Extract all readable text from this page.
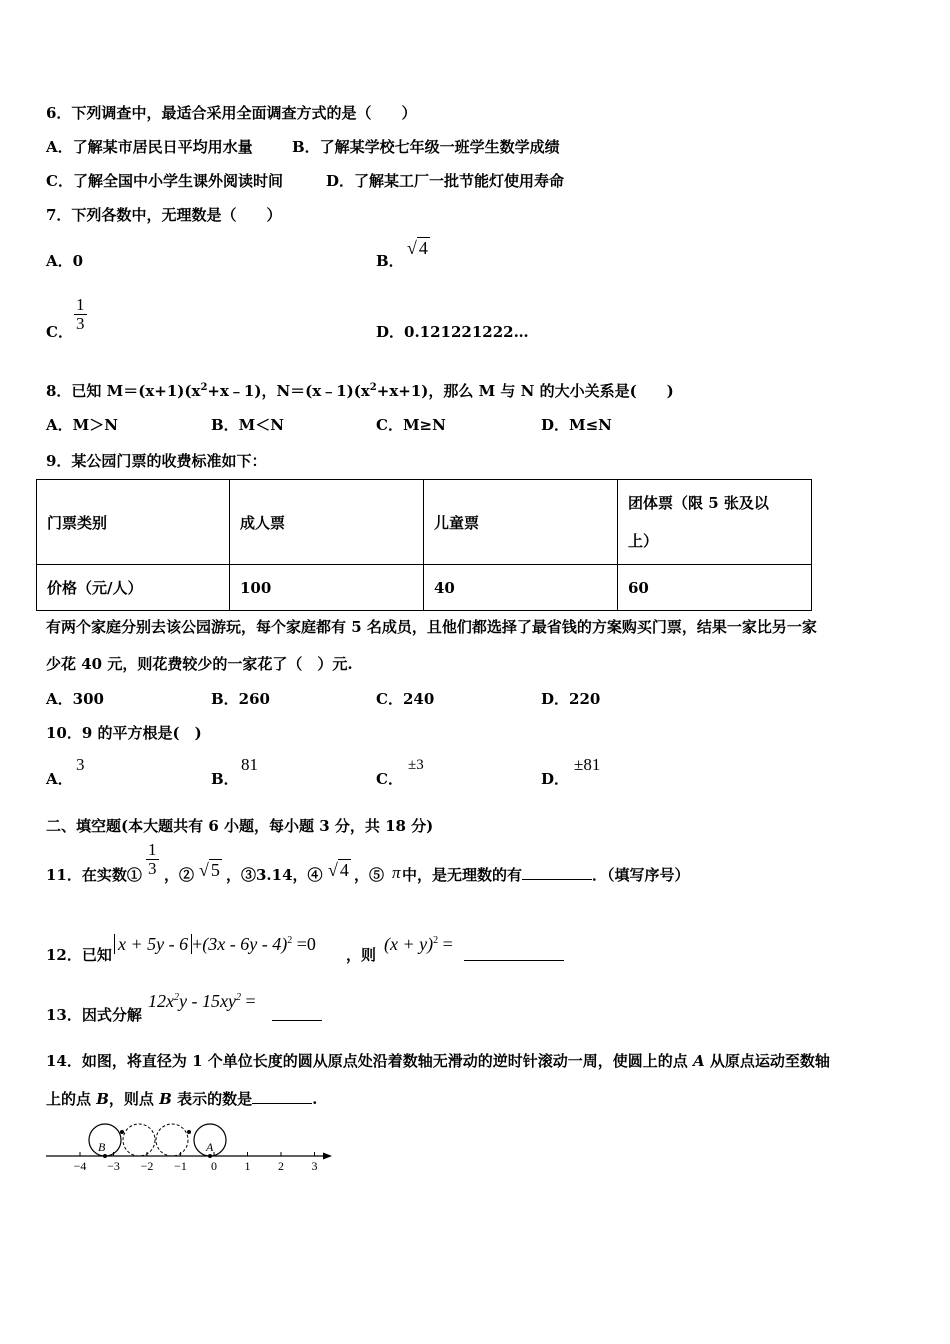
6．下列调查中，最适合采用全面调查方式的是（　　）
A．了解某市居民日平均用水量	B．了解某学校七年级一班学生数学成绩
C．了解全国中小学生课外阅读时间	D．了解某工厂一批节能灯使用寿命
7．下列各数中，无理数是（　　）
A．0	B．
√ 4
C． $\frac{1}{3}$	D．0.121221222…
8．已知 $M=(x+1)(x^2+x﹣1)$，$N=(x﹣1)(x^2+x+1)$，那么 M 与 N 的大小关系是(　　)
A．M＞N	B．M＜N	C．M≥N	D．M≤N
9．某公园门票的收费标准如下：
门票类别	成人票	儿童票	团体票（限 5 张及以
上）

价格（元/人）	100	40	60
有两个家庭分别去该公园游玩，每个家庭都有 5 名成员，且他们都选择了最省钱的方案购买门票，结果一家比另一家
少花 40 元，则花费较少的一家花了（　）元.
A．300	B．260	C．240	D．220
10．9 的平方根是(　)
A．
3
B．
81
C．
±3
D．
±81
二、填空题(本大题共有 6 小题，每小题 3 分，共 18 分)
11．在实数① $\frac{1}{3}$ ，② √ 5 ，③3.14，④ √ 4 ，⑤ π 中，是无理数的有	．（填写序号）
12．已知
x + 5y - 6 +(3x - 6y - 4)$^2$ =0
，则
$(x + y)^2$ =
13．因式分解
$12x^2y - 15xy^2$ =
14．如图，将直径为 1 个单位长度的圆从原点处沿着数轴无滑动的逆时针滚动一周，使圆上的点 A 从原点运动至数轴
上的点 B，则点 B 表示的数是	.
B	A
−4 −3 −2 −1 0 1 2 3
